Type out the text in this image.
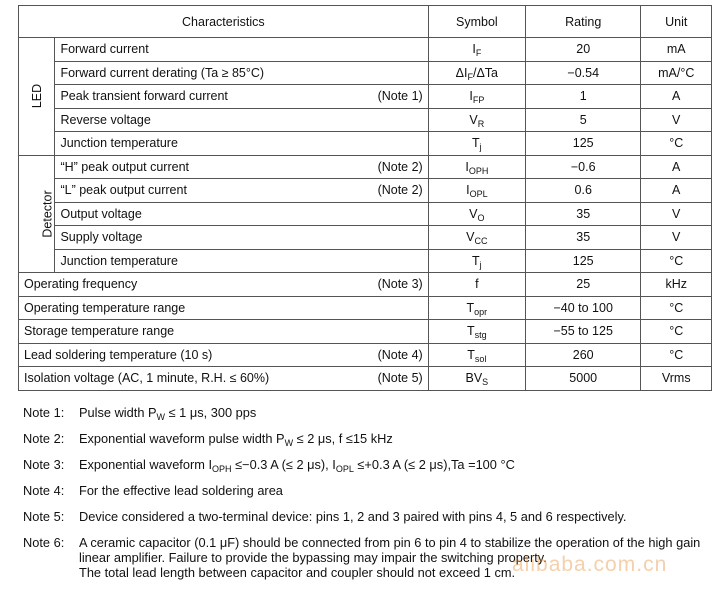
Characteristics		Symbol	Rating	Unit
LED	Forward current	$I_F$	20	mA
	Forward current derating (Ta ≥ 85°C)	$\Delta I_F$/ΔTa	−0.54	mA/°C
	Peak transient forward current (Note 1)	$I_{FP}$	1	A
	Reverse voltage	$V_R$	5	V
	Junction temperature	$T_j$	125	°C
Detector	“H” peak output current (Note 2)	$I_{OPH}$	−0.6	A
	“L” peak output current (Note 2)	$I_{OPL}$	0.6	A
	Output voltage	$V_O$	35	V
	Supply voltage	$V_{CC}$	35	V
	Junction temperature	$T_j$	125	°C
Operating frequency (Note 3)		f	25	kHz
Operating temperature range		$T_{opr}$	−40 to 100	°C
Storage temperature range		$T_{stg}$	−55 to 125	°C
Lead soldering temperature (10 s) (Note 4)		$T_{sol}$	260	°C
Isolation voltage (AC, 1 minute, R.H. ≤ 60%) (Note 5)		$BV_S$	5000	Vrms
Note 1:	Pulse width $P_W \le 1$ μs, 300 pps
Note 2:	Exponential waveform pulse width $P_W \le 2$ μs, f ≤15 kHz
Note 3:	Exponential waveform $I_{OPH} \le-0.3$ A (≤ 2 μs), $I_{OPL} \le+0.3$ A (≤ 2 μs),Ta =100 °C
Note 4:	For the effective lead soldering area
Note 5:	Device considered a two-terminal device: pins 1, 2 and 3 paired with pins 4, 5 and 6 respectively.
Note 6:	A ceramic capacitor (0.1 μF) should be connected from pin 6 to pin 4 to stabilize the operation of the high gain linear amplifier. Failure to provide the bypassing may impair the switching property.
The total lead length between capacitor and coupler should not exceed 1 cm.
alibaba.com.cn
